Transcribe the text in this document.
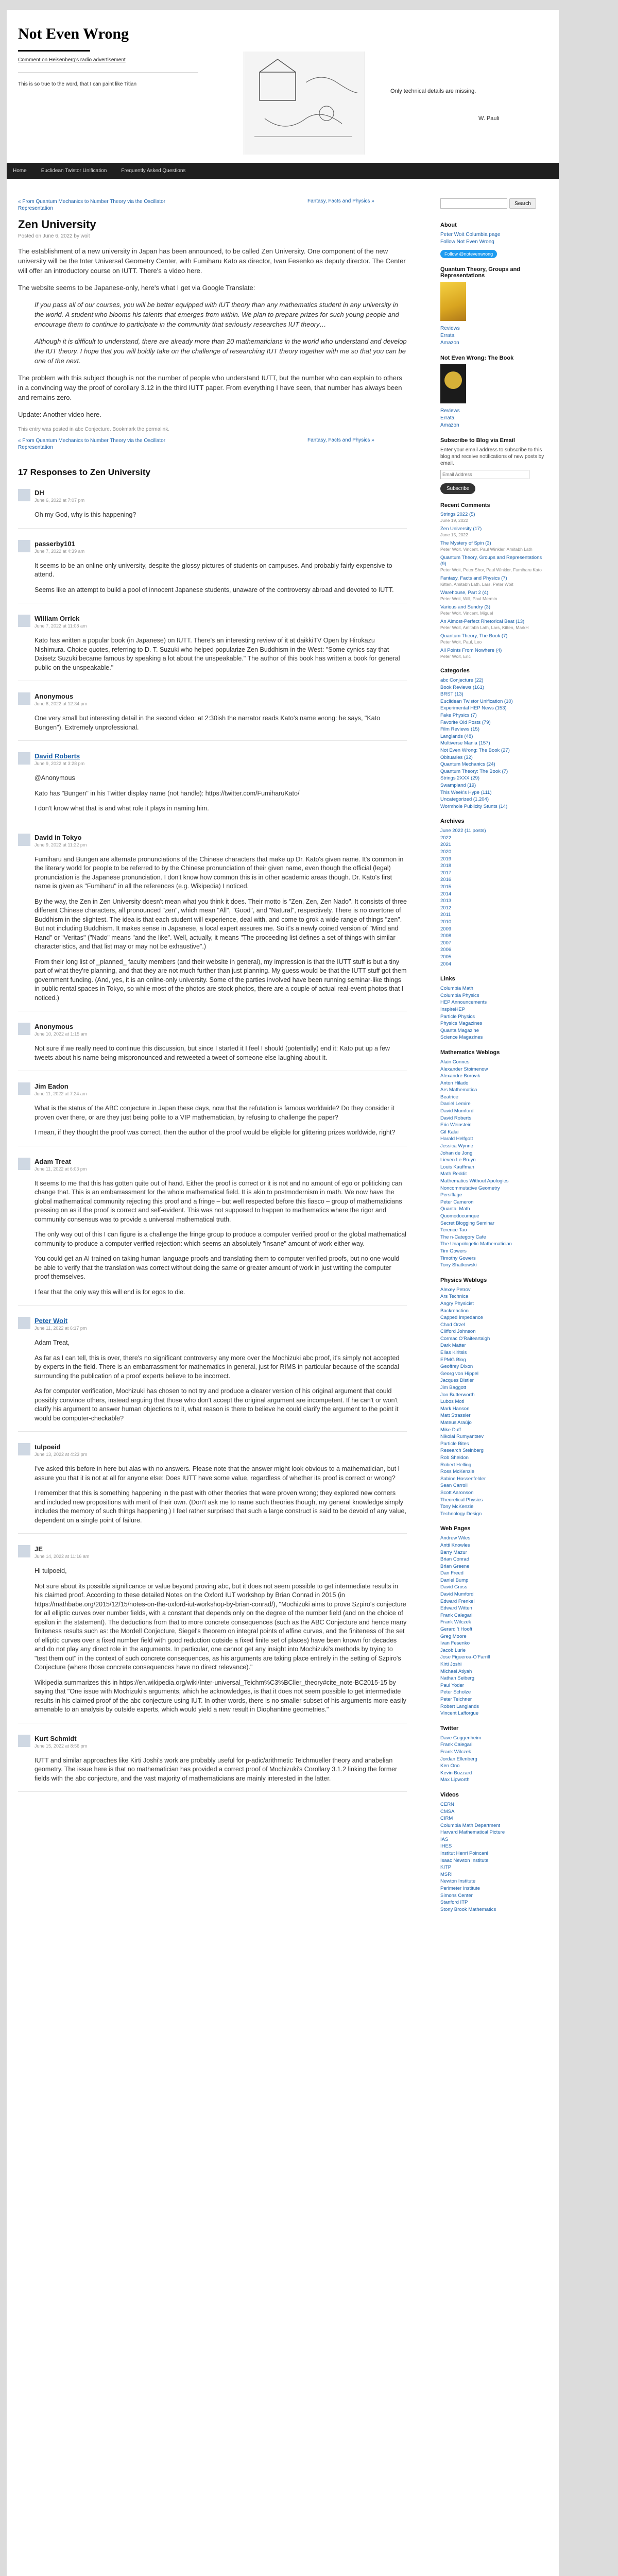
Not Even Wrong
Comment on Heisenberg's radio advertisement
This is so true to the word, that I can paint like Titian
Only technical details are missing.
W. Pauli
Home	Euclidean Twistor Unification	Frequently Asked Questions
« From Quantum Mechanics to Number Theory via the Oscillator Representation
Fantasy, Facts and Physics »
Zen University
Posted on June 6, 2022 by woit

The establishment of a new university in Japan has been announced, to be called Zen University. One component of the new university will be the Inter Universal Geometry Center, with Fumiharu Kato as director, Ivan Fesenko as deputy director. The Center will offer an introductory course on IUTT. There's a video here.

The website seems to be Japanese-only, here's what I get via Google Translate:

If you pass all of our courses, you will be better equipped with IUT theory than any mathematics student in any university in the world. A student who blooms his talents that emerges from within. We plan to prepare prizes for such young people and encourage them to continue to participate in the community that seriously researches IUT theory…

Although it is difficult to understand, there are already more than 20 mathematicians in the world who understand and develop the IUT theory. I hope that you will boldly take on the challenge of researching IUT theory together with me so that you can be one of the next.

The problem with this subject though is not the number of people who understand IUTT, but the number who can explain to others in a convincing way the proof of corollary 3.12 in the third IUTT paper. From everything I have seen, that number has always been and remains zero.

Update: Another video here.

This entry was posted in abc Conjecture. Bookmark the permalink.
« From Quantum Mechanics to Number Theory via the Oscillator Representation
Fantasy, Facts and Physics »
17 Responses to Zen University
DH
June 6, 2022 at 7:07 pm

Oh my God, why is this happening?

passerby101
June 7, 2022 at 4:39 am

It seems to be an online only university, despite the glossy pictures of students on campuses. And probably fairly expensive to attend.

Seems like an attempt to build a pool of innocent Japanese students, unaware of the controversy abroad and devoted to IUTT.

William Orrick
June 7, 2022 at 11:08 am

Kato has written a popular book (in Japanese) on IUTT. There's an interesting review of it at daikkiTV Open by Hirokazu Nishimura. Choice quotes, referring to D. T. Suzuki who helped popularize Zen Buddhism in the West: "Some cynics say that Daisetz Suzuki became famous by speaking a lot about the unspeakable." The author of this book has written a book for general public on the unspeakable."

Anonymous
June 8, 2022 at 12:34 pm

One very small but interesting detail in the second video: at 2:30ish the narrator reads Kato's name wrong: he says, "Kato Bungen"). Extremely unprofessional.

David Roberts
June 9, 2022 at 3:28 pm

@Anonymous

Kato has "Bungen" in his Twitter display name (not handle): https://twitter.com/FumiharuKato/

I don't know what that is and what role it plays in naming him.

David in Tokyo
June 9, 2022 at 11:22 pm

Fumiharu and Bungen are alternate pronunciations of the Chinese characters that make up Dr. Kato's given name. It's common in the literary world for people to be referred to by the Chinese pronunciation of their given name, even though the official (legal) pronunciation is the Japanese pronunciation. I don't know how common this is in other academic areas though. Dr. Kato's first name is given as "Fumiharu" in all the references (e.g. Wikipedia) I noticed.

By the way, the Zen in Zen University doesn't mean what you think it does. Their motto is "Zen, Zen, Zen Nado". It consists of three different Chinese characters, all pronounced "zen", which mean "All", "Good", and "Natural", respectively. There is no overtone of Buddhism in the slightest. The idea is that each student will experience, deal with, and come to grok a wide range of things "zen". But not including Buddhism. It makes sense in Japanese, a local expert assures me. So it's a newly coined version of "Mind and Hand" or "Veritas" ("Nado" means "and the like". Well, actually, it means "The proceeding list defines a set of things with similar characteristics, and that list may or may not be exhaustive".)

From their long list of _planned_ faculty members (and their website in general), my impression is that the IUTT stuff is but a tiny part of what they're planning, and that they are not much further than just planning. My guess would be that the IUTT stuff got them government funding. (And, yes, it is an online-only university. Some of the parties involved have been running seminar-like things in public rental spaces in Tokyo, so while most of the photos are stock photos, there are a couple of actual real-event photos that I noticed.)

Anonymous
June 10, 2022 at 1:15 am

Not sure if we really need to continue this discussion, but since I started it I feel I should (potentially) end it: Kato put up a few tweets about his name being mispronounced and retweeted a tweet of someone else laughing about it.

Jim Eadon
June 11, 2022 at 7:24 am

What is the status of the ABC conjecture in Japan these days, now that the refutation is famous worldwide? Do they consider it proven over there, or are they just being polite to a VIP mathematician, by refusing to challenge the paper?

I mean, if they thought the proof was correct, then the author of the proof would be eligible for glittering prizes worldwide, right?

Adam Treat
June 11, 2022 at 6:03 pm

It seems to me that this has gotten quite out of hand. Either the proof is correct or it is not and no amount of ego or politicking can change that. This is an embarrassment for the whole mathematical field. It is akin to postmodernism in math. We now have the global mathematical community rejecting this proof and a fringe – but well respected before this fiasco – group of mathematicians pressing on as if the proof is correct and self-evident. This was not supposed to happen to mathematics where the rigor and community consensus was to provide a universal mathematical truth.

The only way out of this I can figure is a challenge the fringe group to produce a computer verified proof or the global mathematical community to produce a computer verified rejection: which seems an absolutely "insane" amount of work either way.

You could get an AI trained on taking human language proofs and translating them to computer verified proofs, but no one would be able to verify that the translation was correct without doing the same or greater amount of work in just writing the computer proof themselves.

I fear that the only way this will end is for egos to die.

Peter Woit
June 11, 2022 at 6:17 pm

Adam Treat,

As far as I can tell, this is over, there's no significant controversy any more over the Mochizuki abc proof, it's simply not accepted by experts in the field. There is an embarrassment for mathematics in general, just for RIMS in particular because of the scandal surrounding the publication of a proof experts believe to be incorrect.

As for computer verification, Mochizuki has chosen to not try and produce a clearer version of his original argument that could possibly convince others, instead arguing that those who don't accept the original argument are incompetent. If he can't or won't clarify his argument to answer human objections to it, what reason is there to believe he could clarify the argument to the point it would be computer-checkable?

tulpoeid
June 13, 2022 at 4:23 pm

I've asked this before in here but alas with no answers. Please note that the answer might look obvious to a mathematician, but I assure you that it is not at all for anyone else: Does IUTT have some value, regardless of whether its proof is correct or wrong?

I remember that this is something happening in the past with other theories that were proven wrong; they explored new corners and included new propositions with merit of their own. (Don't ask me to name such theories though, my general knowledge simply includes the memory of such things happening.) I feel rather surprised that such a large construct is said to be devoid of any value, dependent on a single point of failure.

JE
June 14, 2022 at 11:16 am

Hi tulpoeid,

Not sure about its possible significance or value beyond proving abc, but it does not seem possible to get intermediate results in his claimed proof. According to these detailed Notes on the Oxford IUT workshop by Brian Conrad in 2015 (in https://mathbabe.org/2015/12/15/notes-on-the-oxford-iut-workshop-by-brian-conrad/), "Mochizuki aims to prove Szpiro's conjecture for all elliptic curves over number fields, with a constant that depends only on the degree of the number field (and on the choice of epsilon in the statement). The deductions from that to more concrete consequences (such as the ABC Conjecture and hence many finiteness results such as: the Mordell Conjecture, Siegel's theorem on integral points of affine curves, and the finiteness of the set of elliptic curves over a fixed number field with good reduction outside a fixed finite set of places) have been known for decades and do not play any direct role in the arguments. In particular, one cannot get any insight into Mochizuki's methods by trying to "test them out" in the context of such concrete consequences, as his arguments are taking place entirely in the setting of Szpiro's Conjecture (where those concrete consequences have no direct relevance)."

Wikipedia summarizes this in https://en.wikipedia.org/wiki/Inter-universal_Teichm%C3%BCller_theory#cite_note-BC2015-15 by saying that "One issue with Mochizuki's arguments, which he acknowledges, is that it does not seem possible to get intermediate results in his claimed proof of the abc conjecture using IUT. In other words, there is no smaller subset of his arguments more easily amenable to an analysis by outside experts, which would yield a new result in Diophantine geometries."

Kurt Schmidt
June 15, 2022 at 8:56 pm

IUTT and similar approaches like Kirti Joshi's work are probably useful for p-adic/arithmetic Teichmueller theory and anabelian geometry. The issue here is that no mathematician has provided a correct proof of Mochizuki's Corollary 3.1.2 linking the former fields with the abc conjecture, and the vast majority of mathematicians are mainly interested in the latter.

Search
About
Peter Woit Columbia page
Follow Not Even Wrong
Follow @notevenwrong
Quantum Theory, Groups and Representations
Reviews
Errata
Amazon
Not Even Wrong: The Book
Reviews
Errata
Amazon
Subscribe to Blog via Email
Enter your email address to subscribe to this blog and receive notifications of new posts by email.
Email Address
Subscribe
Recent Comments
Strings 2022 (5)
June 19, 2022
Zen University (17)
June 15, 2022
The Mystery of Spin (3)
Peter Woit, Vincent, Paul Winkler, Amitabh Lath
Quantum Theory, Groups and Representations (9)
Peter Woit, Peter Shor, Paul Winkler, Fumiharu Kato
Fantasy, Facts and Physics (7)
Kitten, Amitabh Lath, Lars, Peter Woit
Warehouse, Part 2 (4)
Peter Woit, Will, Paul Mermin
Various and Sundry (3)
Peter Woit, Vincent, Miguel
An Almost-Perfect Rhetorical Beat (13)
Peter Woit, Amitabh Lath, Lars, Kitten, MarkH
Quantum Theory, The Book (7)
Peter Woit, Paul, Leo
All Points From Nowhere (4)
Peter Woit, Eric
Categories
abc Conjecture (22)
Book Reviews (161)
BRST (13)
Euclidean Twistor Unification (10)
Experimental HEP News (153)
Fake Physics (7)
Favorite Old Posts (79)
Film Reviews (15)
Langlands (48)
Multiverse Mania (157)
Not Even Wrong: The Book (27)
Obituaries (32)
Quantum Mechanics (24)
Quantum Theory: The Book (7)
Strings 2XXX (29)
Swampland (19)
This Week's Hype (111)
Uncategorized (1,204)
Wormhole Publicity Stunts (14)
Archives
June 2022 (11 posts)
2022
2021
2020
2019
2018
2017
2016
2015
2014
2013
2012
2011
2010
2009
2008
2007
2006
2005
2004
Links
Columbia Math
Columbia Physics
HEP Announcements
InspireHEP
Particle Physics
Physics Magazines
Quanta Magazine
Science Magazines
Mathematics Weblogs
Alain Connes
Alexander Stoimenow
Alexandre Borovik
Anton Hilado
Ars Mathematica
Beatrice
Daniel Lemire
David Mumford
David Roberts
Eric Weinstein
Gil Kalai
Harald Helfgott
Jessica Wynne
Johan de Jong
Lieven Le Bruyn
Louis Kauffman
Math Reddit
Mathematics Without Apologies
Noncommutative Geometry
Persiflage
Peter Cameron
Quanta: Math
Quomodocumque
Secret Blogging Seminar
Terence Tao
The n-Category Cafe
The Unapologetic Mathematician
Tim Gowers
Timothy Gowers
Tony Shatkowski
Physics Weblogs
Alexey Petrov
Ars Technica
Angry Physicist
Backreaction
Capped Impedance
Chad Orzel
Clifford Johnson
Cormac O'Raifeartaigh
Dark Matter
Elias Kiritsis
EPMG Blog
Geoffrey Dixon
Georg von Hippel
Jacques Distler
Jim Baggott
Jon Butterworth
Lubos Motl
Mark Hanson
Matt Strassler
Mateus Araújo
Mike Duff
Nikolai Rumyantsev
Particle Bites
Research Steinberg
Rob Sheldon
Robert Helling
Ross McKenzie
Sabine Hossenfelder
Sean Carroll
Scott Aaronson
Theoretical Physics
Tony McKenzie
Technology Design
Web Pages
Andrew Wiles
Antti Knowles
Barry Mazur
Brian Conrad
Brian Greene
Dan Freed
Daniel Bump
David Gross
David Mumford
Edward Frenkel
Edward Witten
Frank Calegari
Frank Wilczek
Gerard 't Hooft
Greg Moore
Ivan Fesenko
Jacob Lurie
Jose Figueroa-O'Farrill
Kirti Joshi
Michael Atiyah
Nathan Seiberg
Paul Yoder
Peter Scholze
Peter Teichner
Robert Langlands
Vincent Lafforgue
Twitter
Dave Guggenheim
Frank Calegari
Frank Wilczek
Jordan Ellenberg
Ken Ono
Kevin Buzzard
Max Lipworth
Videos
CERN
CMSA
CIRM
Columbia Math Department
Harvard Mathematical Picture
IAS
IHES
Institut Henri Poincaré
Isaac Newton Institute
KITP
MSRI
Newton Institute
Perimeter Institute
Simons Center
Stanford ITP
Stony Brook Mathematics
